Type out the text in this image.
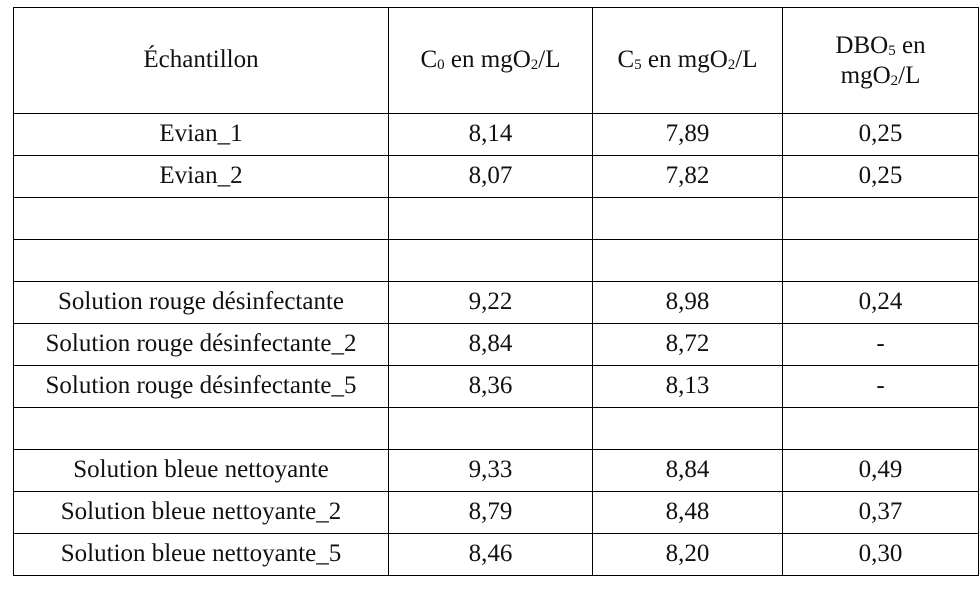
Échantillon	$C_0$ en mgO$_2$/L	$C_5$ en mgO$_2$/L	$DBO_5$ en
mgO$_2$/L
Evian_1	8,14	7,89	0,25
Evian_2	8,07	7,82	0,25

Solution rouge désinfectante	9,22	8,98	0,24
Solution rouge désinfectante_2	8,84	8,72	-
Solution rouge désinfectante_5	8,36	8,13	-

Solution bleue nettoyante	9,33	8,84	0,49
Solution bleue nettoyante_2	8,79	8,48	0,37
Solution bleue nettoyante_5	8,46	8,20	0,30
